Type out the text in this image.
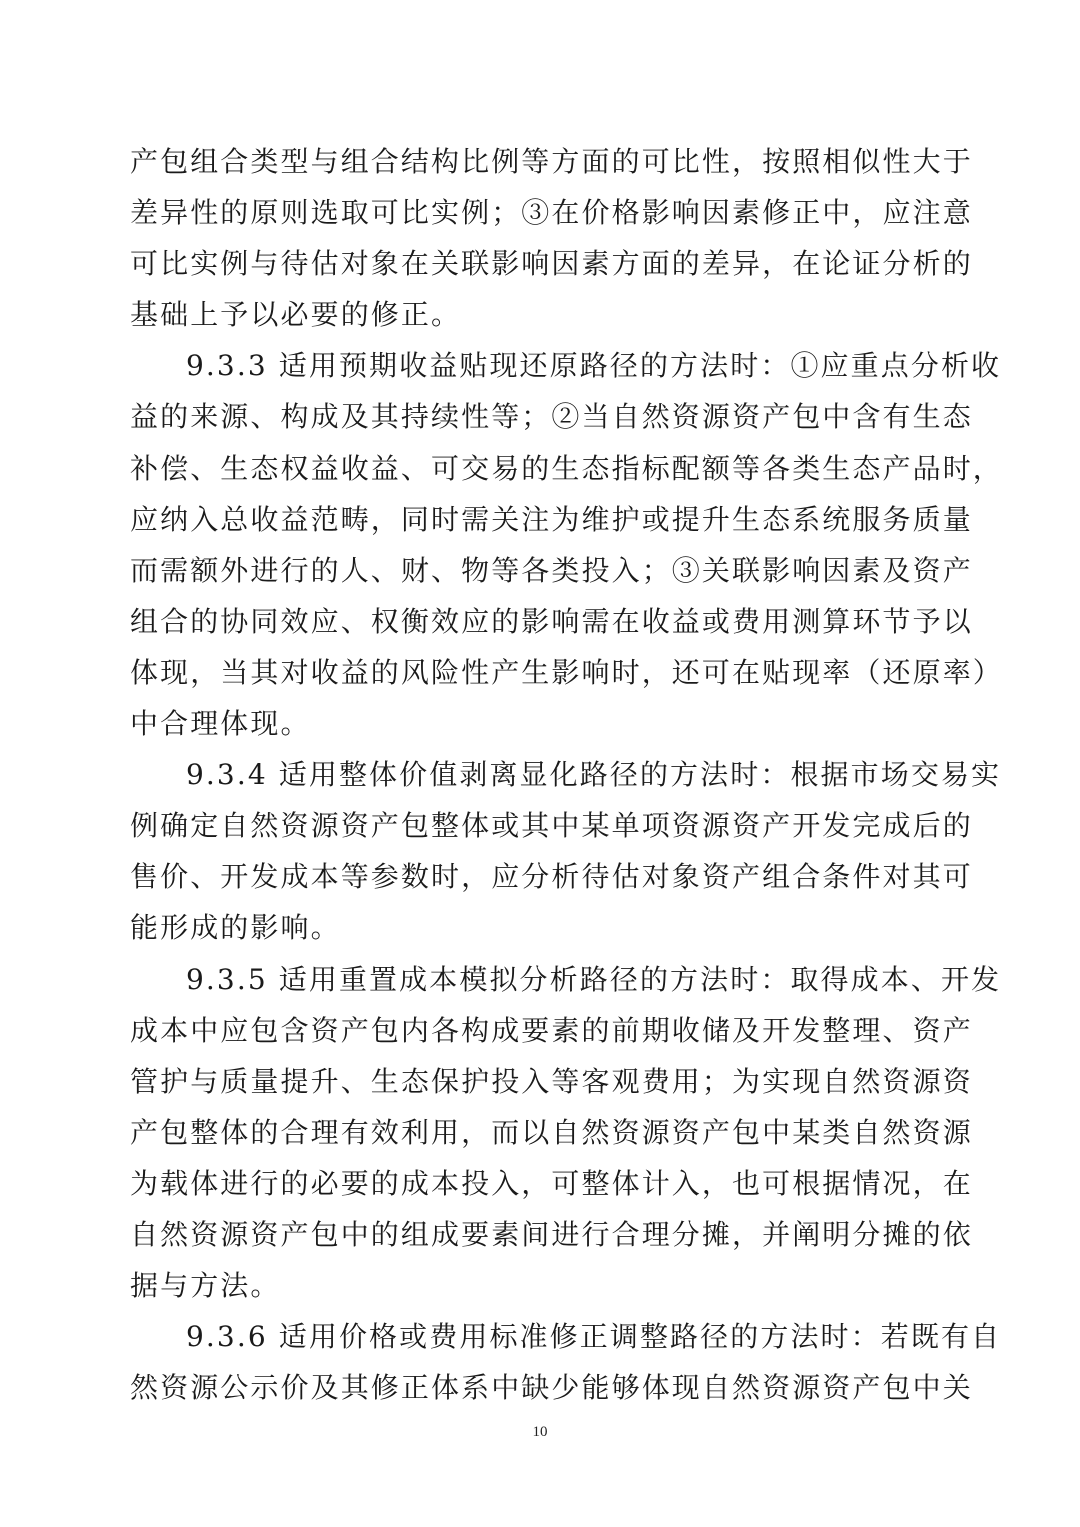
产包组合类型与组合结构比例等方面的可比性，按照相似性大于
差异性的原则选取可比实例；③在价格影响因素修正中，应注意
可比实例与待估对象在关联影响因素方面的差异，在论证分析的
基础上予以必要的修正。
9.3.3 适用预期收益贴现还原路径的方法时：①应重点分析收
益的来源、构成及其持续性等；②当自然资源资产包中含有生态
补偿、生态权益收益、可交易的生态指标配额等各类生态产品时，
应纳入总收益范畴，同时需关注为维护或提升生态系统服务质量
而需额外进行的人、财、物等各类投入；③关联影响因素及资产
组合的协同效应、权衡效应的影响需在收益或费用测算环节予以
体现，当其对收益的风险性产生影响时，还可在贴现率（还原率）
中合理体现。
9.3.4 适用整体价值剥离显化路径的方法时：根据市场交易实
例确定自然资源资产包整体或其中某单项资源资产开发完成后的
售价、开发成本等参数时，应分析待估对象资产组合条件对其可
能形成的影响。
9.3.5 适用重置成本模拟分析路径的方法时：取得成本、开发
成本中应包含资产包内各构成要素的前期收储及开发整理、资产
管护与质量提升、生态保护投入等客观费用；为实现自然资源资
产包整体的合理有效利用，而以自然资源资产包中某类自然资源
为载体进行的必要的成本投入，可整体计入，也可根据情况，在
自然资源资产包中的组成要素间进行合理分摊，并阐明分摊的依
据与方法。
9.3.6 适用价格或费用标准修正调整路径的方法时：若既有自
然资源公示价及其修正体系中缺少能够体现自然资源资产包中关
10
